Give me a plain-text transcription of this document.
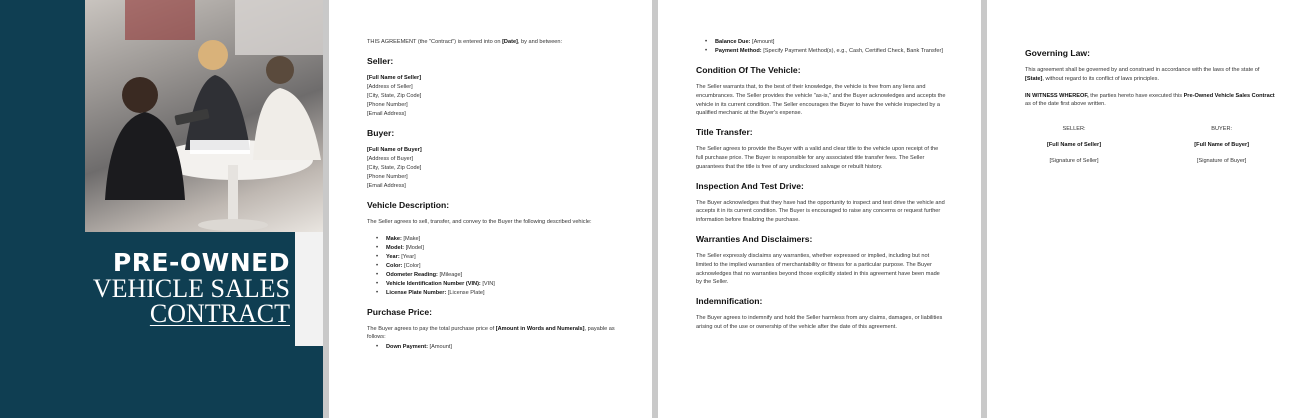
PRE-OWNED
VEHICLE SALES
CONTRACT

THIS AGREEMENT (the "Contract") is entered into on [Date], by and between:

Seller:
[Full Name of Seller]
[Address of Seller]
[City, State, Zip Code]
[Phone Number]
[Email Address]
Buyer:
[Full Name of Buyer]
[Address of Buyer]
[City, State, Zip Code]
[Phone Number]
[Email Address]
Vehicle Description:

The Seller agrees to sell, transfer, and convey to the Buyer the following described vehicle:

• Make: [Make]
• Model: [Model]
• Year: [Year]
• Color: [Color]
• Odometer Reading: [Mileage]
• Vehicle Identification Number (VIN): [VIN]
• License Plate Number: [License Plate]
Purchase Price:

The Buyer agrees to pay the total purchase price of [Amount in Words and Numerals], payable as follows:

• Down Payment: [Amount]
• Balance Due: [Amount]
• Payment Method: [Specify Payment Method(s), e.g., Cash, Certified Check, Bank Transfer]
Condition Of The Vehicle:

The Seller warrants that, to the best of their knowledge, the vehicle is free from any liens and encumbrances. The Seller provides the vehicle "as-is," and the Buyer acknowledges and accepts the vehicle in its current condition. The Seller encourages the Buyer to have the vehicle inspected by a qualified mechanic at the Buyer's expense.

Title Transfer:

The Seller agrees to provide the Buyer with a valid and clear title to the vehicle upon receipt of the full purchase price. The Buyer is responsible for any associated title transfer fees. The Seller guarantees that the title is free of any undisclosed salvage or rebuilt history.

Inspection And Test Drive:

The Buyer acknowledges that they have had the opportunity to inspect and test drive the vehicle and accepts it in its current condition. The Buyer is encouraged to raise any concerns or request further information before finalizing the purchase.

Warranties And Disclaimers:

The Seller expressly disclaims any warranties, whether expressed or implied, including but not limited to the implied warranties of merchantability or fitness for a particular purpose. The Buyer acknowledges that no warranties beyond those explicitly stated in this agreement have been made by the Seller.

Indemnification:

The Buyer agrees to indemnify and hold the Seller harmless from any claims, damages, or liabilities arising out of the use or ownership of the vehicle after the date of this agreement.

Governing Law:

This agreement shall be governed by and construed in accordance with the laws of the state of [State], without regard to its conflict of laws principles.

IN WITNESS WHEREOF, the parties hereto have executed this Pre-Owned Vehicle Sales Contract as of the date first above written.

SELLER:
[Full Name of Seller]
[Signature of Seller]
BUYER:
[Full Name of Buyer]
[Signature of Buyer]
